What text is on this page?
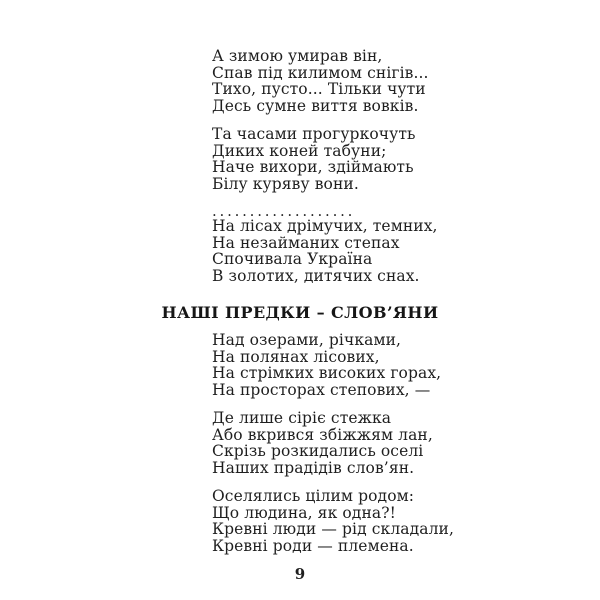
А зимою умирав він,

Спав під килимом снігів...

Тихо, пусто... Тільки чути

Десь сумне виття вовків.

Та часами прогуркочуть

Диких коней табуни;

Наче вихори, здіймають

Білу куряву вони.

. . . . . . . . . . . . . . . . . . .

На лісах дрімучих, темних,

На незайманих степах

Спочивала Україна

В золотих, дитячих снах.

НАШІ ПРЕДКИ – СЛОВ’ЯНИ

Над озерами, річками,

На полянах лісових,

На стрімких високих горах,

На просторах степових, —

Де лише сіріє стежка

Або вкрився збіжжям лан,

Скрізь розкидались оселі

Наших прадідів слов’ян.

Оселялись цілим родом:

Що людина, як одна?!

Кревні люди — рід складали,

Кревні роди — племена.

9
